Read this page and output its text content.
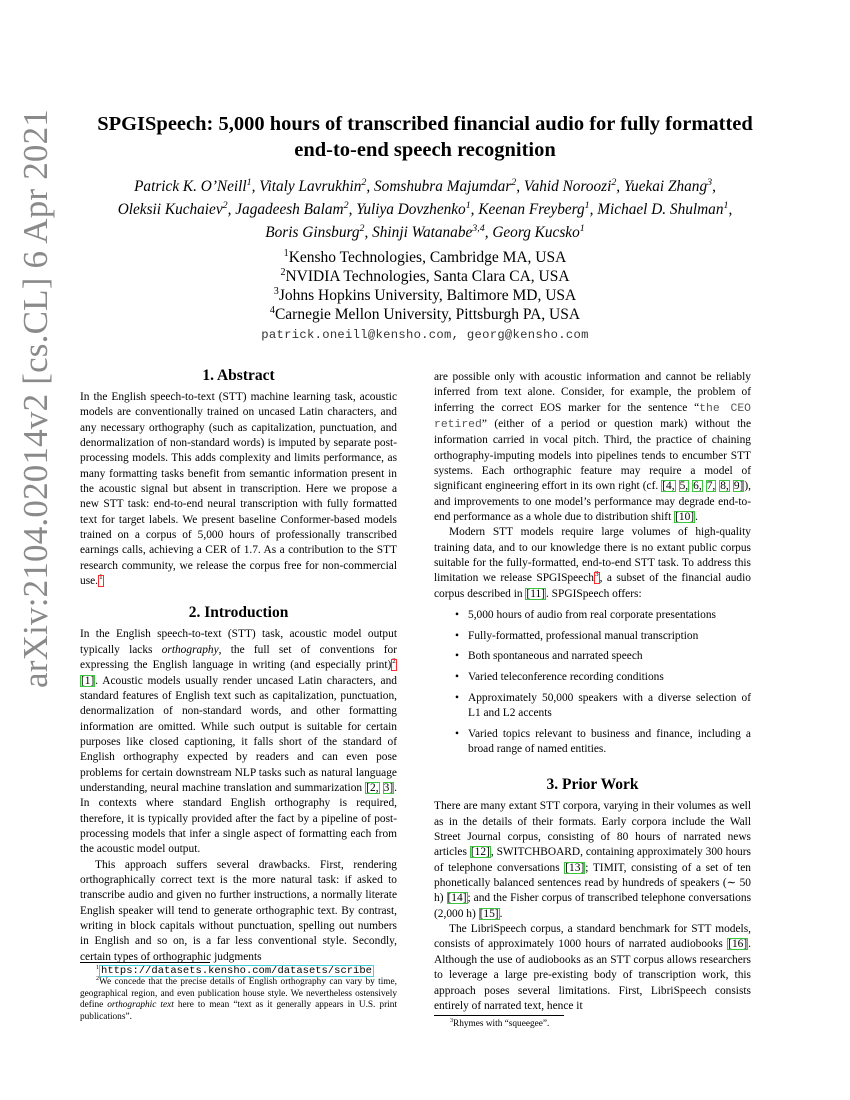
arXiv:2104.02014v2 [cs.CL] 6 Apr 2021	SPGISpeech: 5,000 hours of transcribed financial audio for fully formatted
end-to-end speech recognition
Patrick K. O’Neill$^1$, Vitaly Lavrukhin$^2$, Somshubra Majumdar$^2$, Vahid Noroozi$^2$, Yuekai Zhang$^3$,
Oleksii Kuchaiev$^2$, Jagadeesh Balam$^2$, Yuliya Dovzhenko$^1$, Keenan Freyberg$^1$, Michael D. Shulman$^1$,
Boris Ginsburg$^2$, Shinji Watanabe$^{3,4}$, Georg Kucsko$^1$
$^1$Kensho Technologies, Cambridge MA, USA
$^2$NVIDIA Technologies, Santa Clara CA, USA
$^3$Johns Hopkins University, Baltimore MD, USA
$^4$Carnegie Mellon University, Pittsburgh PA, USA
patrick.oneill@kensho.com, georg@kensho.com
1. Abstract

In the English speech-to-text (STT) machine learning task, acoustic models are conventionally trained on uncased Latin characters, and any necessary orthography (such as capitalization, punctuation, and denormalization of non-standard words) is imputed by separate post-processing models. This adds complexity and limits performance, as many formatting tasks benefit from semantic information present in the acoustic signal but absent in transcription. Here we propose a new STT task: end-to-end neural transcription with fully formatted text for target labels. We present baseline Conformer-based models trained on a corpus of 5,000 hours of professionally transcribed earnings calls, achieving a CER of 1.7. As a contribution to the STT research community, we release the corpus free for non-commercial use.$^1$

2. Introduction

In the English speech-to-text (STT) task, acoustic model output typically lacks orthography, the full set of conventions for expressing the English language in writing (and especially print)$^2$ [1]. Acoustic models usually render uncased Latin characters, and standard features of English text such as capitalization, punctuation, denormalization of non-standard words, and other formatting information are omitted. While such output is suitable for certain purposes like closed captioning, it falls short of the standard of English orthography expected by readers and can even pose problems for certain downstream NLP tasks such as natural language understanding, neural machine translation and summarization [2, 3]. In contexts where standard English orthography is required, therefore, it is typically provided after the fact by a pipeline of post-processing models that infer a single aspect of formatting each from the acoustic model output.

This approach suffers several drawbacks. First, rendering orthographically correct text is the more natural task: if asked to transcribe audio and given no further instructions, a normally literate English speaker will tend to generate orthographic text. By contrast, writing in block capitals without punctuation, spelling out numbers in English and so on, is a far less conventional style. Secondly, certain types of orthographic judgments

$^1$ https://datasets.kensho.com/datasets/scribe
$^2$We concede that the precise details of English orthography can vary by time, geographical region, and even publication house style. We nevertheless ostensively define orthographic text here to mean “text as it generally appears in U.S. print publications”.

are possible only with acoustic information and cannot be reliably inferred from text alone. Consider, for example, the problem of inferring the correct EOS marker for the sentence “the CEO retired” (either of a period or question mark) without the information carried in vocal pitch. Third, the practice of chaining orthography-imputing models into pipelines tends to encumber STT systems. Each orthographic feature may require a model of significant engineering effort in its own right (cf. [4, 5, 6, 7, 8, 9]), and improvements to one model’s performance may degrade end-to-end performance as a whole due to distribution shift [10].

Modern STT models require large volumes of high-quality training data, and to our knowledge there is no extant public corpus suitable for the fully-formatted, end-to-end STT task. To address this limitation we release SPGISpeech$^3$, a subset of the financial audio corpus described in [11]. SPGISpeech offers:

• 5,000 hours of audio from real corporate presentations
• Fully-formatted, professional manual transcription
• Both spontaneous and narrated speech
• Varied teleconference recording conditions
• Approximately 50,000 speakers with a diverse selection of L1 and L2 accents
• Varied topics relevant to business and finance, including a broad range of named entities.
3. Prior Work

There are many extant STT corpora, varying in their volumes as well as in the details of their formats. Early corpora include the Wall Street Journal corpus, consisting of 80 hours of narrated news articles [12], SWITCHBOARD, containing approximately 300 hours of telephone conversations [13]; TIMIT, consisting of a set of ten phonetically balanced sentences read by hundreds of speakers (∼ 50 h) [14]; and the Fisher corpus of transcribed telephone conversations (2,000 h) [15].

The LibriSpeech corpus, a standard benchmark for STT models, consists of approximately 1000 hours of narrated audiobooks [16]. Although the use of audiobooks as an STT corpus allows researchers to leverage a large pre-existing body of transcription work, this approach poses several limitations. First, LibriSpeech consists entirely of narrated text, hence it

$^3$Rhymes with “squeegee”.
